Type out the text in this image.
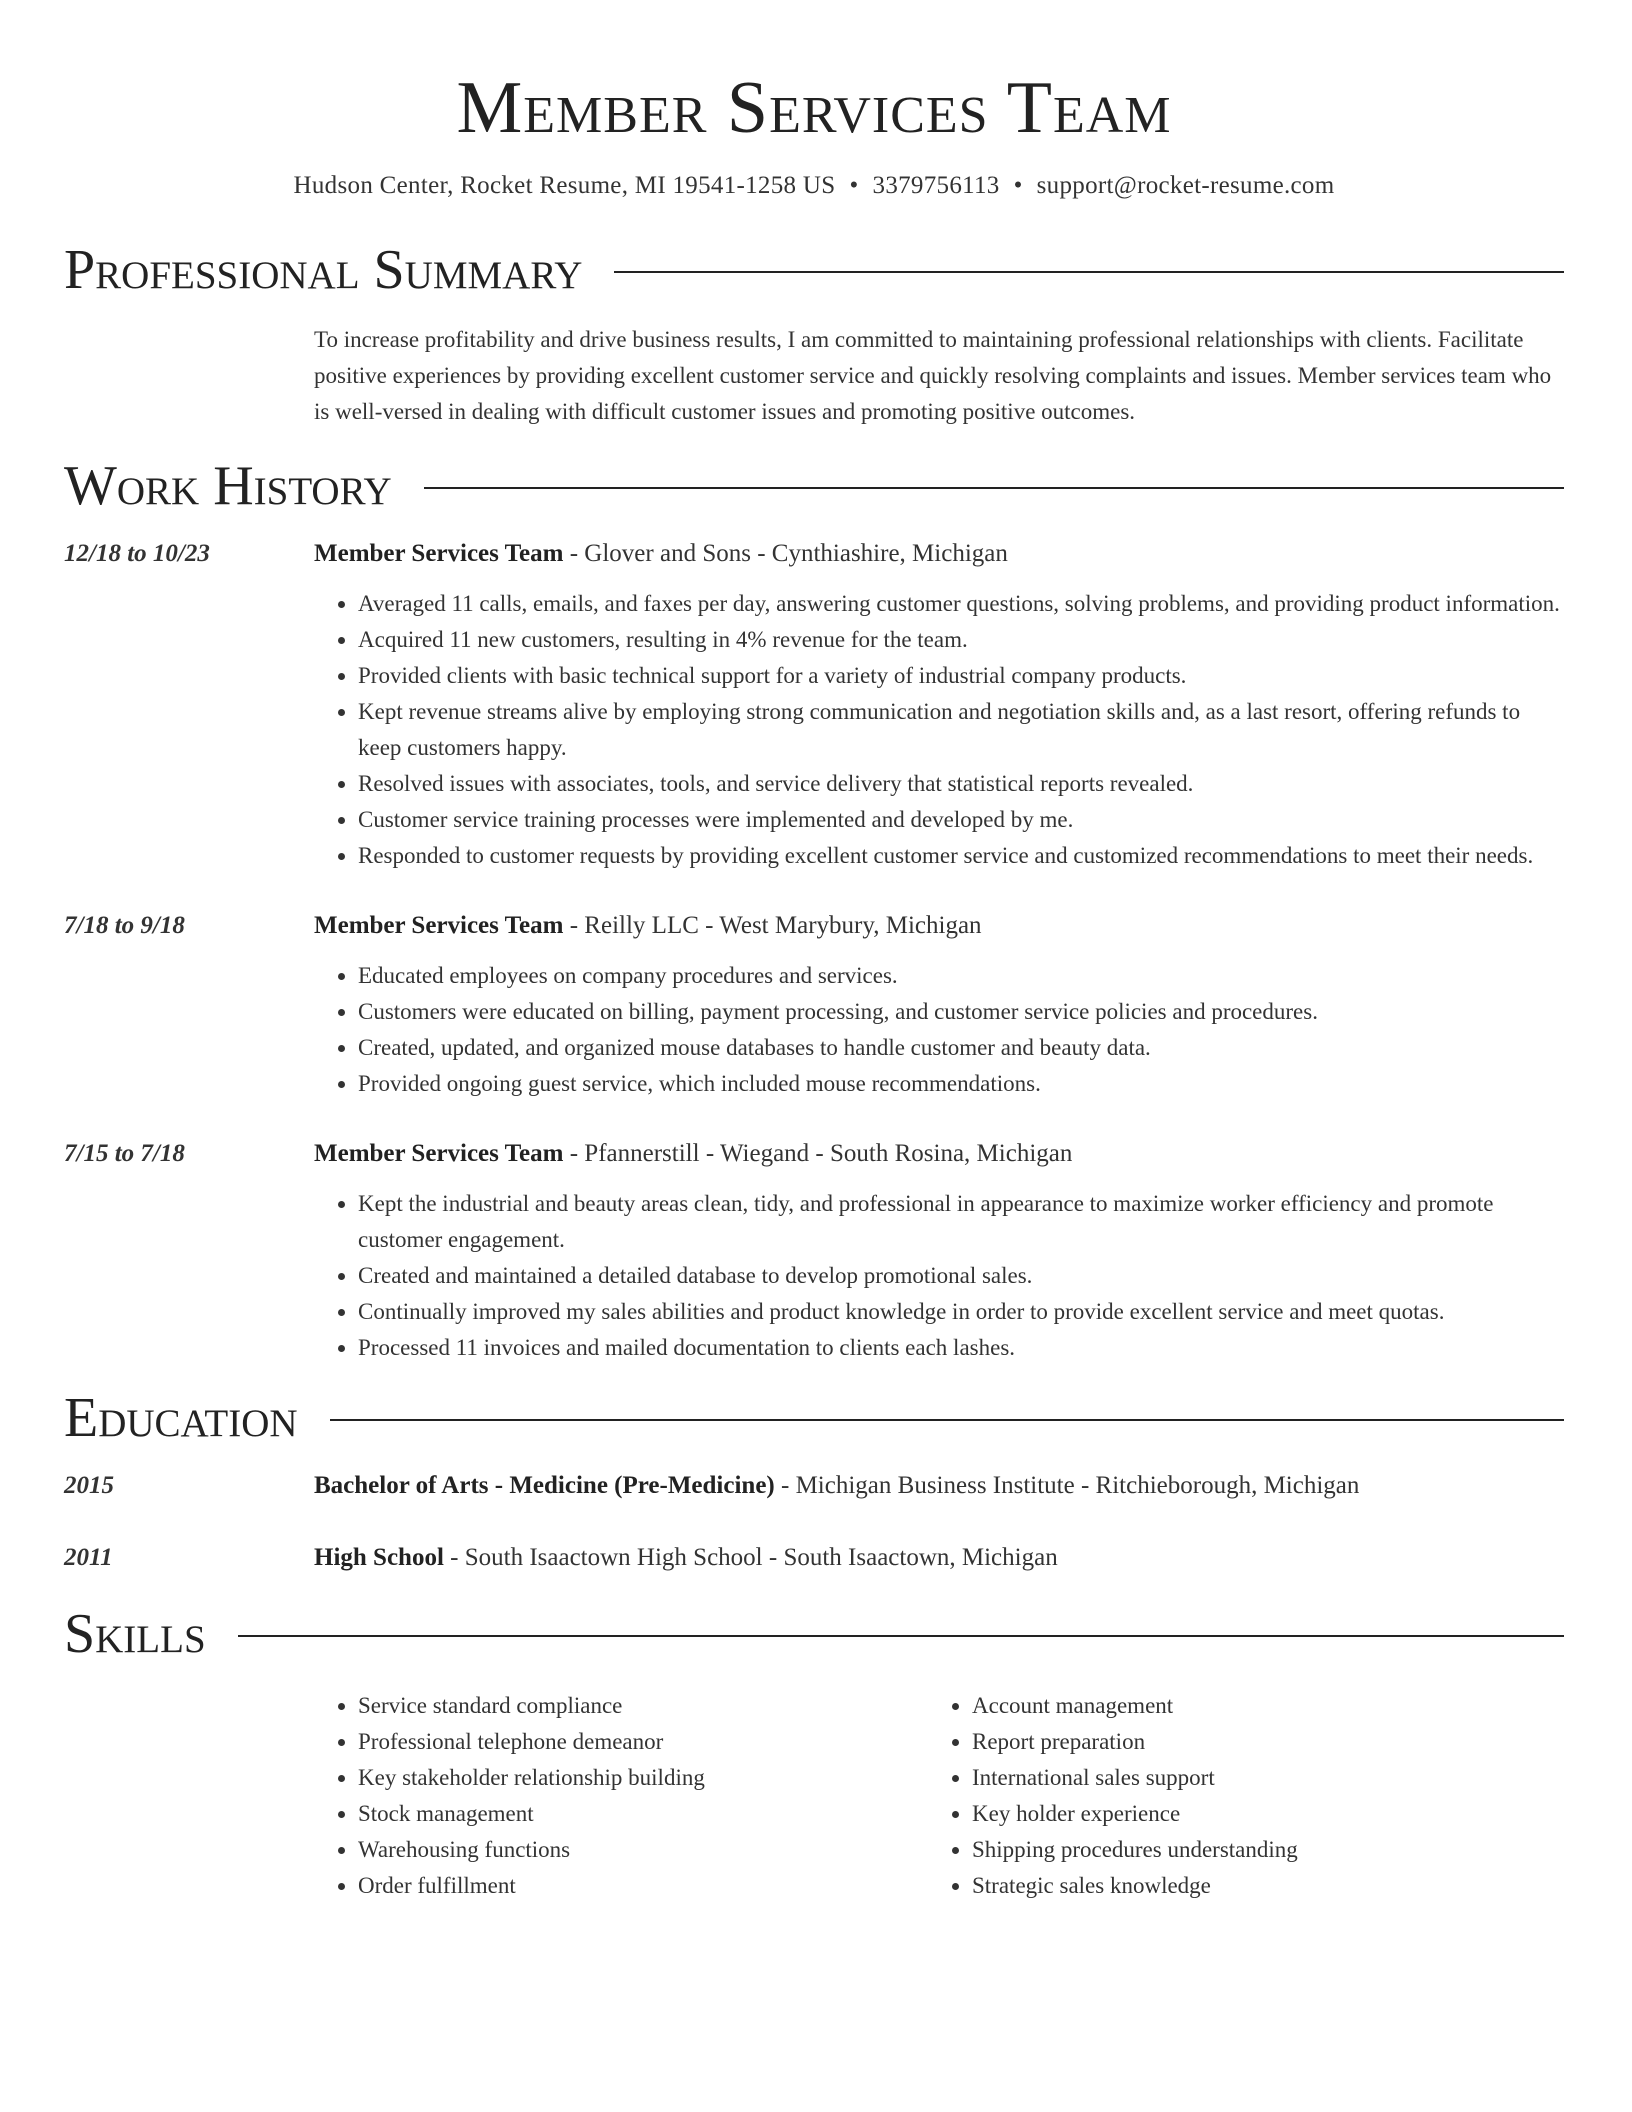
Member Services Team
Hudson Center, Rocket Resume, MI 19541-1258 US • 3379756113 • support@rocket-resume.com
Professional Summary
To increase profitability and drive business results, I am committed to maintaining professional relationships with clients. Facilitate positive experiences by providing excellent customer service and quickly resolving complaints and issues. Member services team who is well-versed in dealing with difficult customer issues and promoting positive outcomes.
Work History
12/18 to 10/23	Member Services Team - Glover and Sons - Cynthiashire, Michigan
• Averaged 11 calls, emails, and faxes per day, answering customer questions, solving problems, and providing product information.
• Acquired 11 new customers, resulting in 4% revenue for the team.
• Provided clients with basic technical support for a variety of industrial company products.
• Kept revenue streams alive by employing strong communication and negotiation skills and, as a last resort, offering refunds to keep customers happy.
• Resolved issues with associates, tools, and service delivery that statistical reports revealed.
• Customer service training processes were implemented and developed by me.
• Responded to customer requests by providing excellent customer service and customized recommendations to meet their needs.
7/18 to 9/18	Member Services Team - Reilly LLC - West Marybury, Michigan
• Educated employees on company procedures and services.
• Customers were educated on billing, payment processing, and customer service policies and procedures.
• Created, updated, and organized mouse databases to handle customer and beauty data.
• Provided ongoing guest service, which included mouse recommendations.
7/15 to 7/18	Member Services Team - Pfannerstill - Wiegand - South Rosina, Michigan
• Kept the industrial and beauty areas clean, tidy, and professional in appearance to maximize worker efficiency and promote customer engagement.
• Created and maintained a detailed database to develop promotional sales.
• Continually improved my sales abilities and product knowledge in order to provide excellent service and meet quotas.
• Processed 11 invoices and mailed documentation to clients each lashes.
Education
2015	Bachelor of Arts - Medicine (Pre-Medicine) - Michigan Business Institute - Ritchieborough, Michigan
2011	High School - South Isaactown High School - South Isaactown, Michigan
Skills
• Service standard compliance
• Professional telephone demeanor
• Key stakeholder relationship building
• Stock management
• Warehousing functions
• Order fulfillment
• Account management
• Report preparation
• International sales support
• Key holder experience
• Shipping procedures understanding
• Strategic sales knowledge
